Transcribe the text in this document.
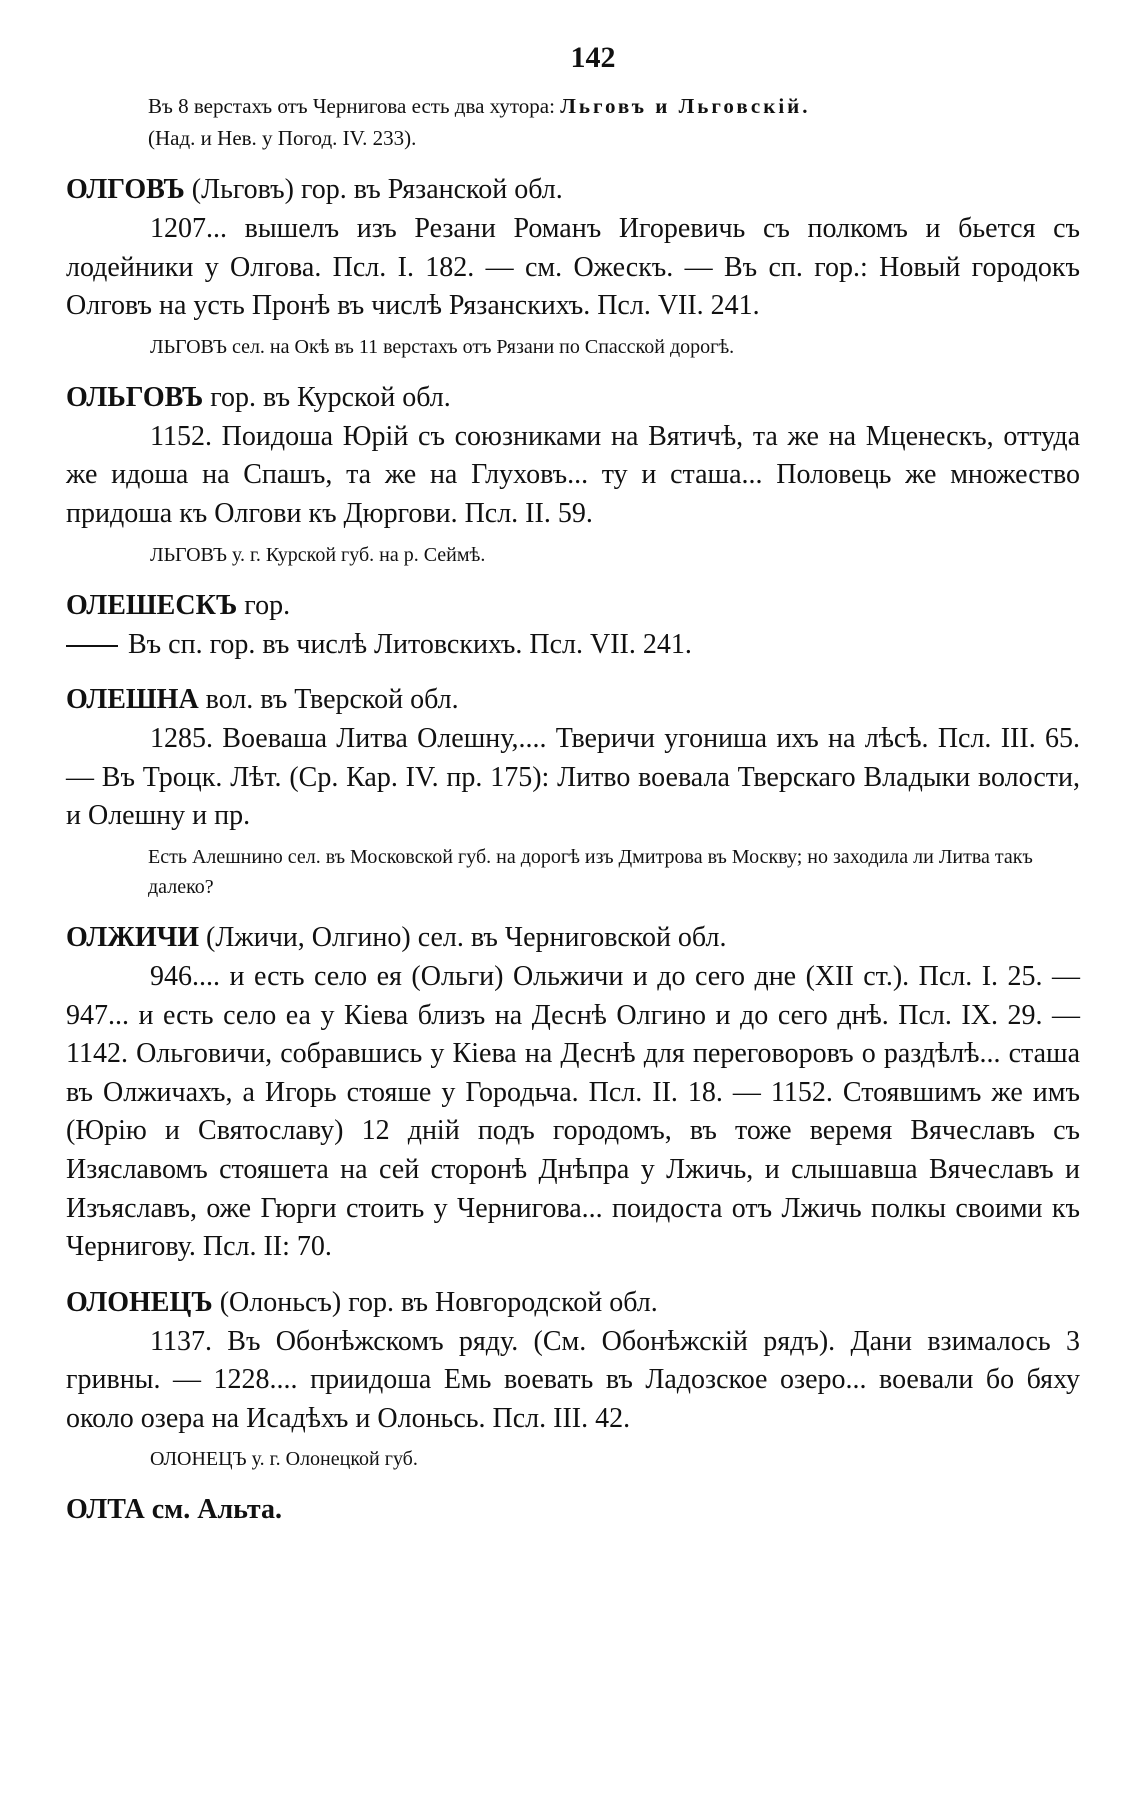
142

Въ 8 верстахъ отъ Чернигова есть два хутора: Льговъ и Льговскій.

(Над. и Нев. у Погод. IV. 233).

ОЛГОВЪ (Льговъ) гор. въ Рязанской обл.

1207... вышелъ изъ Резани Романъ Игоревичь съ полкомъ и бьется съ лодейники у Олгова. Псл. I. 182. — см. Ожескъ. — Въ сп. гор.: Новый городокъ Олговъ на усть Пронѣ въ числѣ Рязанскихъ. Псл. VII. 241.

ЛЬГОВЪ сел. на Окѣ въ 11 верстахъ отъ Рязани по Спасской дорогѣ.

ОЛЬГОВЪ гор. въ Курской обл.

1152. Поидоша Юрій съ союзниками на Вятичѣ, та же на Мценескъ, оттуда же идоша на Спашъ, та же на Глуховъ... ту и сташа... Половець же множество придоша къ Олгови къ Дюргови. Псл. II. 59.

ЛЬГОВЪ у. г. Курской губ. на р. Сеймѣ.

ОЛЕШЕСКЪ гор.

Въ сп. гор. въ числѣ Литовскихъ. Псл. VII. 241.

ОЛЕШНА вол. въ Тверской обл.

1285. Воеваша Литва Олешну,.... Тверичи угониша ихъ на лѣсѣ. Псл. III. 65.— Въ Троцк. Лѣт. (Ср. Кар. IV. пр. 175): Литво воевала Тверскаго Владыки волости, и Олешну и пр.

Есть Алешнино сел. въ Московской губ. на дорогѣ изъ Дмитрова въ Москву; но заходила ли Литва такъ далеко?

ОЛЖИЧИ (Лжичи, Олгино) сел. въ Черниговской обл.

946.... и есть село ея (Ольги) Ольжичи и до сего дне (XII ст.). Псл. I. 25. — 947... и есть село еа у Кіева близъ на Деснѣ Олгино и до сего днѣ. Псл. IX. 29. — 1142. Ольговичи, собравшись у Кіева на Деснѣ для переговоровъ о раздѣлѣ... сташа въ Олжичахъ, а Игорь стояше у Городьча. Псл. II. 18. — 1152. Стоявшимъ же имъ (Юрію и Святославу) 12 дній подъ городомъ, въ тоже веремя Вячеславъ съ Изяславомъ стояшета на сей сторонѣ Днѣпра у Лжичь, и слышавша Вячеславъ и Изъяславъ, оже Гюрги стоить у Чернигова... поидоста отъ Лжичь полкы своими къ Чернигову. Псл. II: 70.

ОЛОНЕЦЪ (Олоньсъ) гор. въ Новгородской обл.

1137. Въ Обонѣжскомъ ряду. (См. Обонѣжскій рядъ). Дани взималось 3 гривны. — 1228.... приидоша Емь воевать въ Ладозское озеро... воевали бо бяху около озера на Исадѣхъ и Олоньсь. Псл. III. 42.

ОЛОНЕЦЪ у. г. Олонецкой губ.

ОЛТА см. Альта.
